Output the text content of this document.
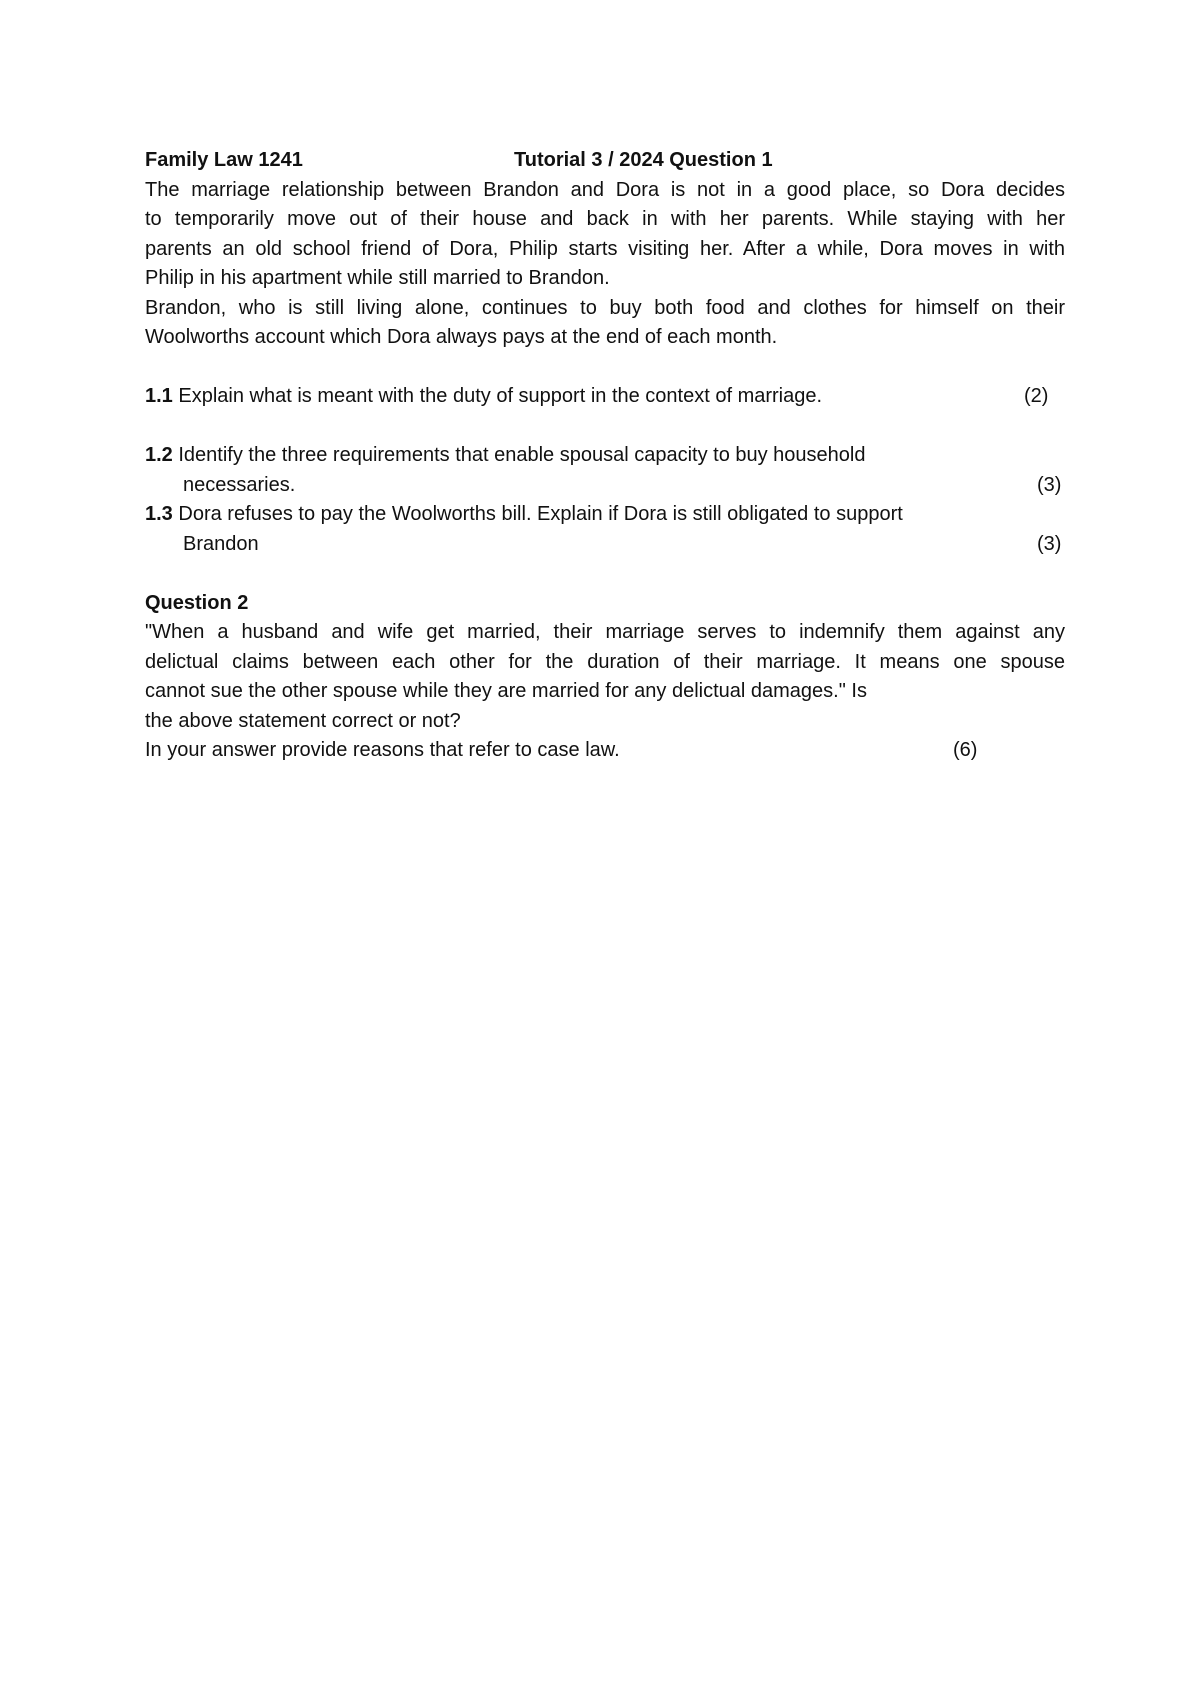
Family Law 1241	Tutorial 3 / 2024 Question 1
The marriage relationship between Brandon and Dora is not in a good place, so Dora decides
to temporarily move out of their house and back in with her parents. While staying with her
parents an old school friend of Dora, Philip starts visiting her. After a while, Dora moves in with
Philip in his apartment while still married to Brandon.
Brandon, who is still living alone, continues to buy both food and clothes for himself on their
Woolworths account which Dora always pays at the end of each month.
1.1 Explain what is meant with the duty of support in the context of marriage.	(2)
1.2 Identify the three requirements that enable spousal capacity to buy household
necessaries.	(3)
1.3 Dora refuses to pay the Woolworths bill. Explain if Dora is still obligated to support
Brandon	(3)
Question 2
"When a husband and wife get married, their marriage serves to indemnify them against any
delictual claims between each other for the duration of their marriage. It means one spouse
cannot sue the other spouse while they are married for any delictual damages." Is
the above statement correct or not?
In your answer provide reasons that refer to case law.	(6)
